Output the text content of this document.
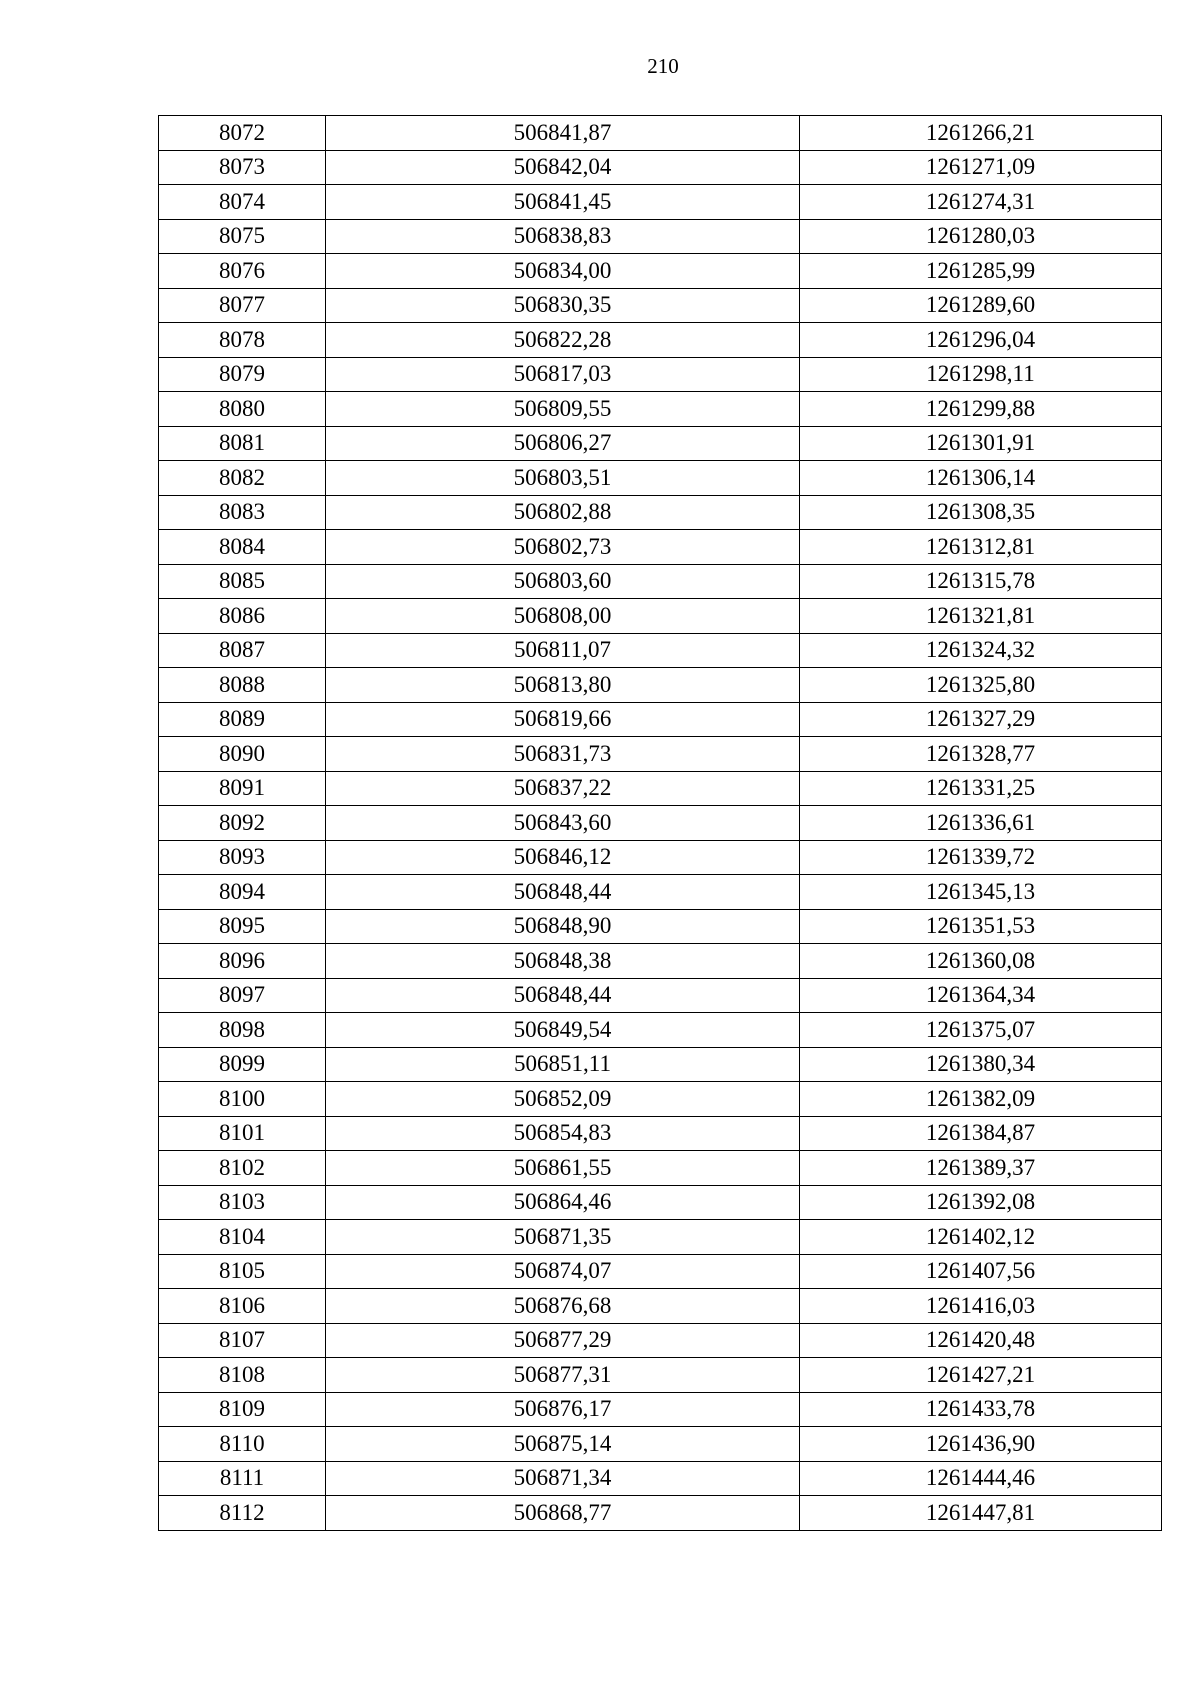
210
8072	506841,87	1261266,21
8073	506842,04	1261271,09
8074	506841,45	1261274,31
8075	506838,83	1261280,03
8076	506834,00	1261285,99
8077	506830,35	1261289,60
8078	506822,28	1261296,04
8079	506817,03	1261298,11
8080	506809,55	1261299,88
8081	506806,27	1261301,91
8082	506803,51	1261306,14
8083	506802,88	1261308,35
8084	506802,73	1261312,81
8085	506803,60	1261315,78
8086	506808,00	1261321,81
8087	506811,07	1261324,32
8088	506813,80	1261325,80
8089	506819,66	1261327,29
8090	506831,73	1261328,77
8091	506837,22	1261331,25
8092	506843,60	1261336,61
8093	506846,12	1261339,72
8094	506848,44	1261345,13
8095	506848,90	1261351,53
8096	506848,38	1261360,08
8097	506848,44	1261364,34
8098	506849,54	1261375,07
8099	506851,11	1261380,34
8100	506852,09	1261382,09
8101	506854,83	1261384,87
8102	506861,55	1261389,37
8103	506864,46	1261392,08
8104	506871,35	1261402,12
8105	506874,07	1261407,56
8106	506876,68	1261416,03
8107	506877,29	1261420,48
8108	506877,31	1261427,21
8109	506876,17	1261433,78
8110	506875,14	1261436,90
8111	506871,34	1261444,46
8112	506868,77	1261447,81
